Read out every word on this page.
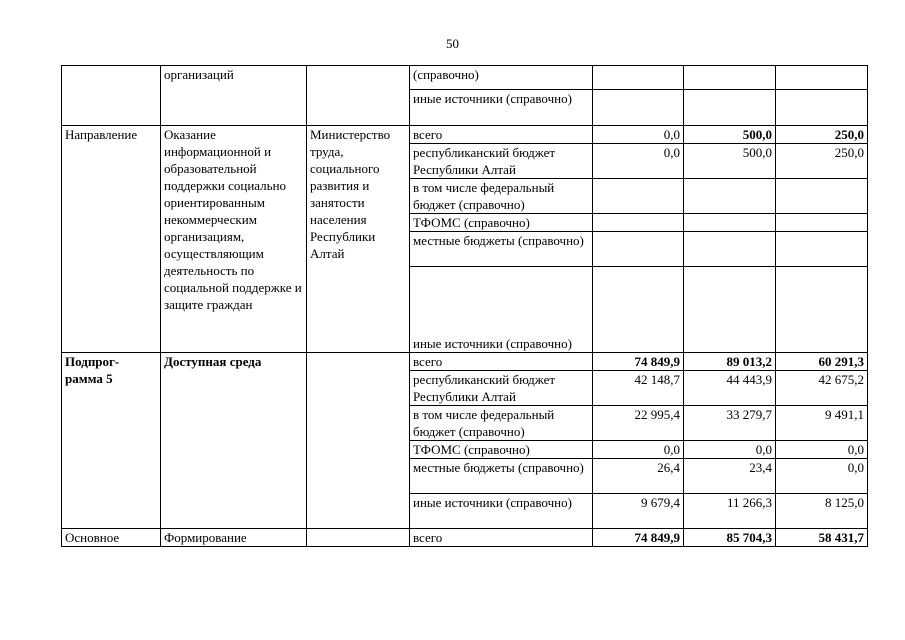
50
	организаций		(справочно)			
			иные источники (справочно)			
Направление	Оказание информационной и образовательной поддержки социально ориентированным некоммерческим организациям, осуществляющим деятельность по социальной поддержке и защите граждан	Министерство труда, социального развития и занятости населения Республики Алтай	всего	0,0	500,0	250,0
			республиканский бюджет Республики Алтай	0,0	500,0	250,0
			в том числе федеральный бюджет (справочно)			
			ТФОМС (справочно)			
			местные бюджеты (справочно)			
			иные источники (справочно)			
Подпрог-рамма 5	Доступная среда		всего	74 849,9	89 013,2	60 291,3
			республиканский бюджет Республики Алтай	42 148,7	44 443,9	42 675,2
			в том числе федеральный бюджет (справочно)	22 995,4	33 279,7	9 491,1
			ТФОМС (справочно)	0,0	0,0	0,0
			местные бюджеты (справочно)	26,4	23,4	0,0
			иные источники (справочно)	9 679,4	11 266,3	8 125,0
Основное	Формирование		всего	74 849,9	85 704,3	58 431,7
